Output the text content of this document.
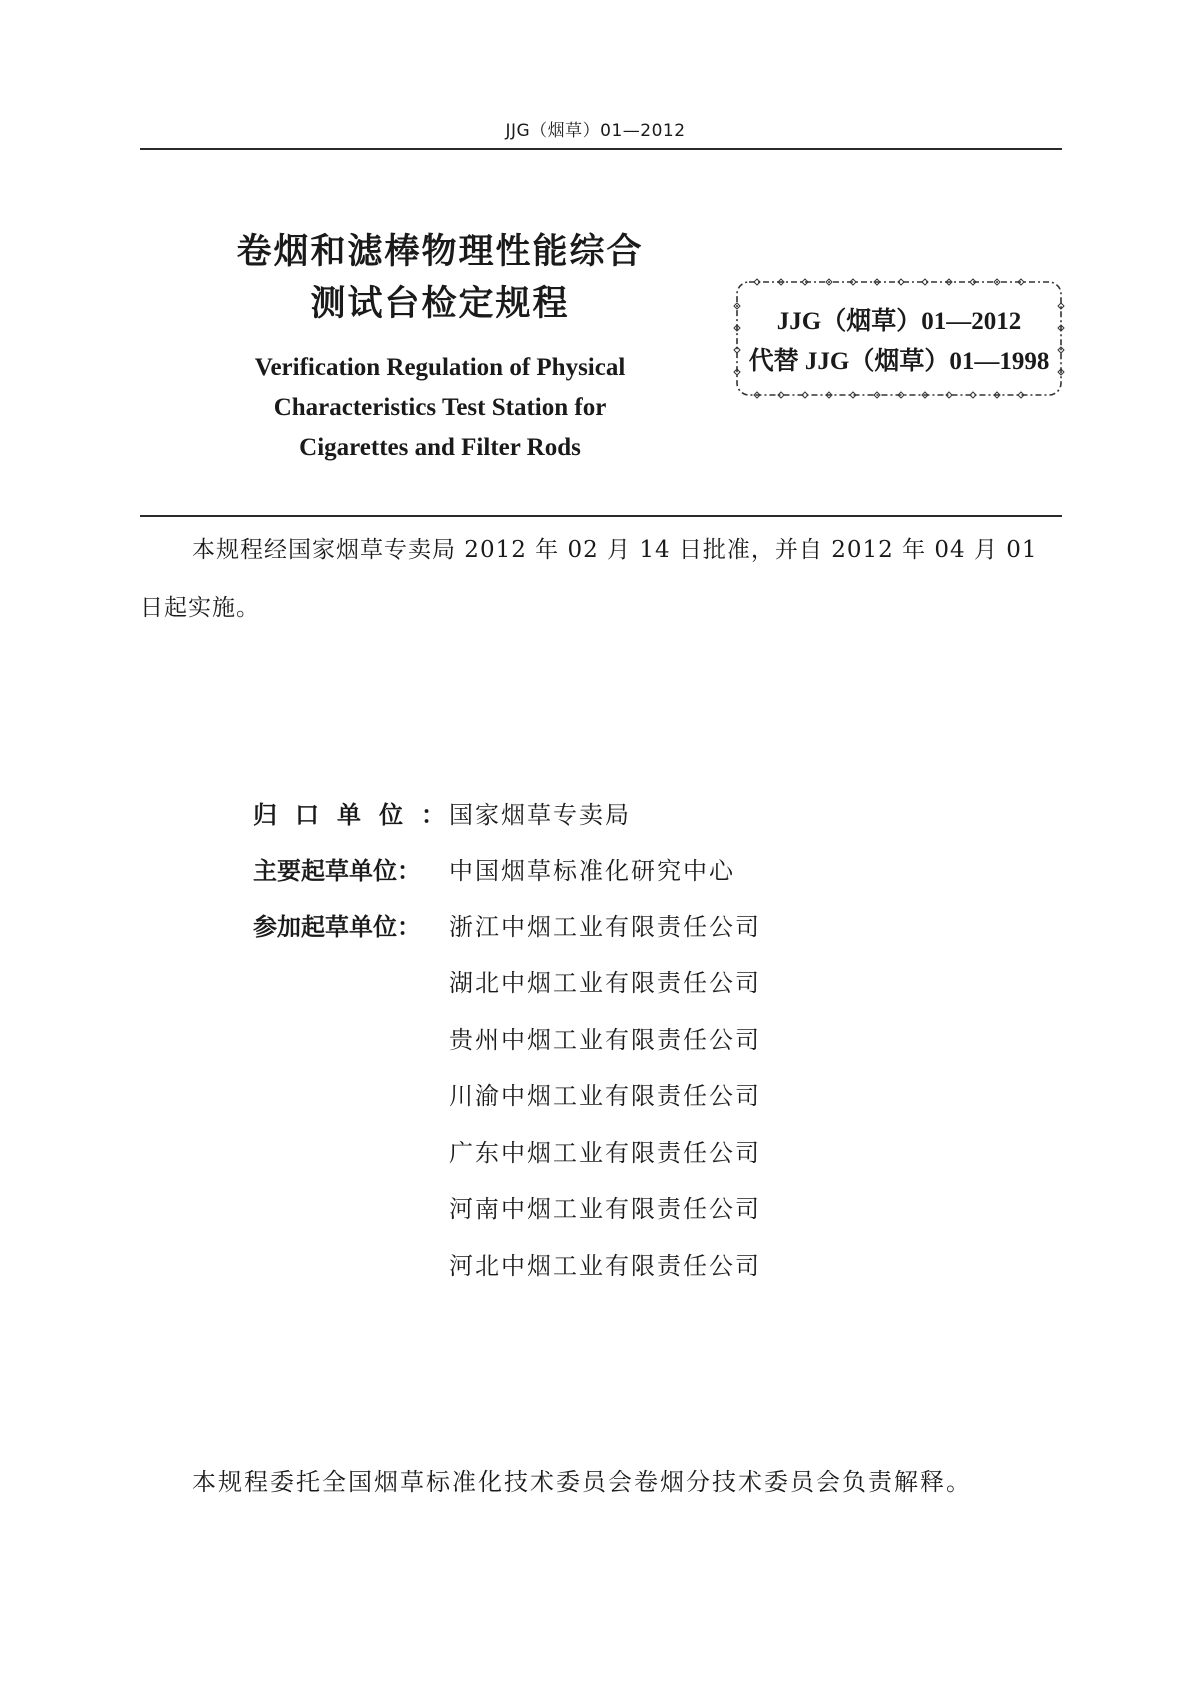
JJG（烟草）01—2012
卷烟和滤棒物理性能综合
测试台检定规程
Verification Regulation of Physical
Characteristics Test Station for
Cigarettes and Filter Rods
JJG（烟草）01—2012
代替 JJG（烟草）01—1998
本规程经国家烟草专卖局 2012 年 02 月 14 日批准，并自 2012 年 04 月 01 日起实施。
归口单位：国家烟草专卖局
主要起草单位： 中国烟草标准化研究中心
参加起草单位： 浙江中烟工业有限责任公司
湖北中烟工业有限责任公司
贵州中烟工业有限责任公司
川渝中烟工业有限责任公司
广东中烟工业有限责任公司
河南中烟工业有限责任公司
河北中烟工业有限责任公司
本规程委托全国烟草标准化技术委员会卷烟分技术委员会负责解释。
